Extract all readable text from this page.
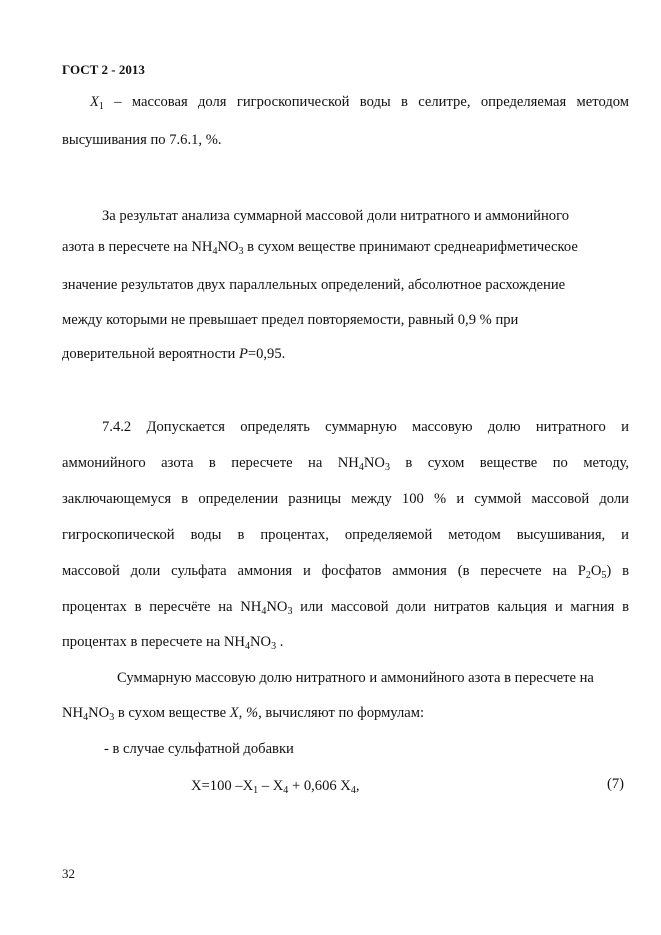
ГОСТ 2 - 2013
$X_1$ – массовая доля гигроскопической воды в селитре, определяемая методом
высушивания по 7.6.1, %.
За результат анализа суммарной массовой доли нитратного и аммонийного
азота в пересчете на $NH_4NO_3$ в сухом веществе принимают среднеарифметическое
значение результатов двух параллельных определений, абсолютное расхождение
между которыми не превышает предел повторяемости, равный 0,9 % при
доверительной вероятности P=0,95.
7.4.2 Допускается определять суммарную массовую долю нитратного и
аммонийного азота в пересчете на $NH_4NO_3$ в сухом веществе по методу,
заключающемуся в определении разницы между 100 % и суммой массовой доли
гигроскопической воды в процентах, определяемой методом высушивания, и
массовой доли сульфата аммония и фосфатов аммония (в пересчете на $P_2O_5$) в
процентах в пересчёте на $NH_4NO_3$ или массовой доли нитратов кальция и магния в
процентах в пересчете на $NH_4NO_3$ .
Суммарную массовую долю нитратного и аммонийного азота в пересчете на
$NH_4NO_3$ в сухом веществе X, %, вычисляют по формулам:
- в случае сульфатной добавки
X=100 $-X_1 - X_4 + 0,606$ $X_4$,	(7)
32
